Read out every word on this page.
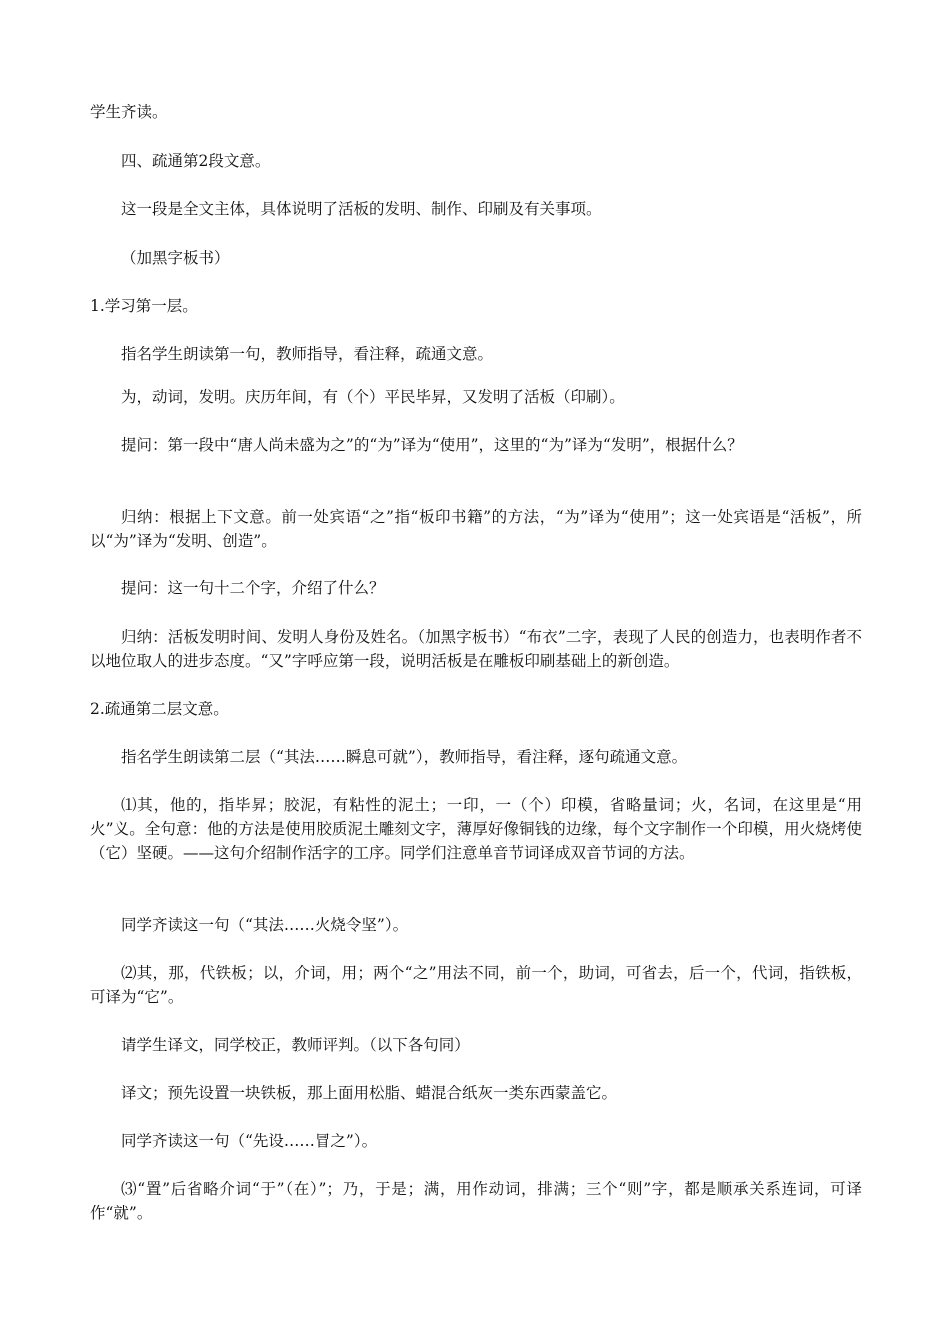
学生齐读。
四、疏通第2段文意。
这一段是全文主体，具体说明了活板的发明、制作、印刷及有关事项。
（加黑字板书）
1.学习第一层。
指名学生朗读第一句，教师指导，看注释，疏通文意。
为，动词，发明。庆历年间，有（个）平民毕昇，又发明了活板（印刷）。
提问：第一段中“唐人尚未盛为之”的“为”译为“使用”，这里的“为”译为“发明”，根据什么？
归纳：根据上下文意。前一处宾语“之”指“板印书籍”的方法，“为”译为“使用”；这一处宾语是“活板”，所以“为”译为“发明、创造”。
提问：这一句十二个字，介绍了什么？
归纳：活板发明时间、发明人身份及姓名。（加黑字板书）“布衣”二字，表现了人民的创造力，也表明作者不以地位取人的进步态度。“又”字呼应第一段，说明活板是在雕板印刷基础上的新创造。
2.疏通第二层文意。
指名学生朗读第二层（“其法……瞬息可就”），教师指导，看注释，逐句疏通文意。
⑴其，他的，指毕昇；胶泥，有粘性的泥土；一印，一（个）印模，省略量词；火，名词，在这里是“用火”义。全句意：他的方法是使用胶质泥土雕刻文字，薄厚好像铜钱的边缘，每个文字制作一个印模，用火烧烤使（它）坚硬。——这句介绍制作活字的工序。同学们注意单音节词译成双音节词的方法。
同学齐读这一句（“其法……火烧令坚”）。
⑵其，那，代铁板；以，介词，用；两个“之”用法不同，前一个，助词，可省去，后一个，代词，指铁板，可译为“它”。
请学生译文，同学校正，教师评判。（以下各句同）
译文；预先设置一块铁板，那上面用松脂、蜡混合纸灰一类东西蒙盖它。
同学齐读这一句（“先设……冒之”）。
⑶“置”后省略介词“于”（在）”；乃，于是；满，用作动词，排满；三个“则”字，都是顺承关系连词，可译作“就”。
